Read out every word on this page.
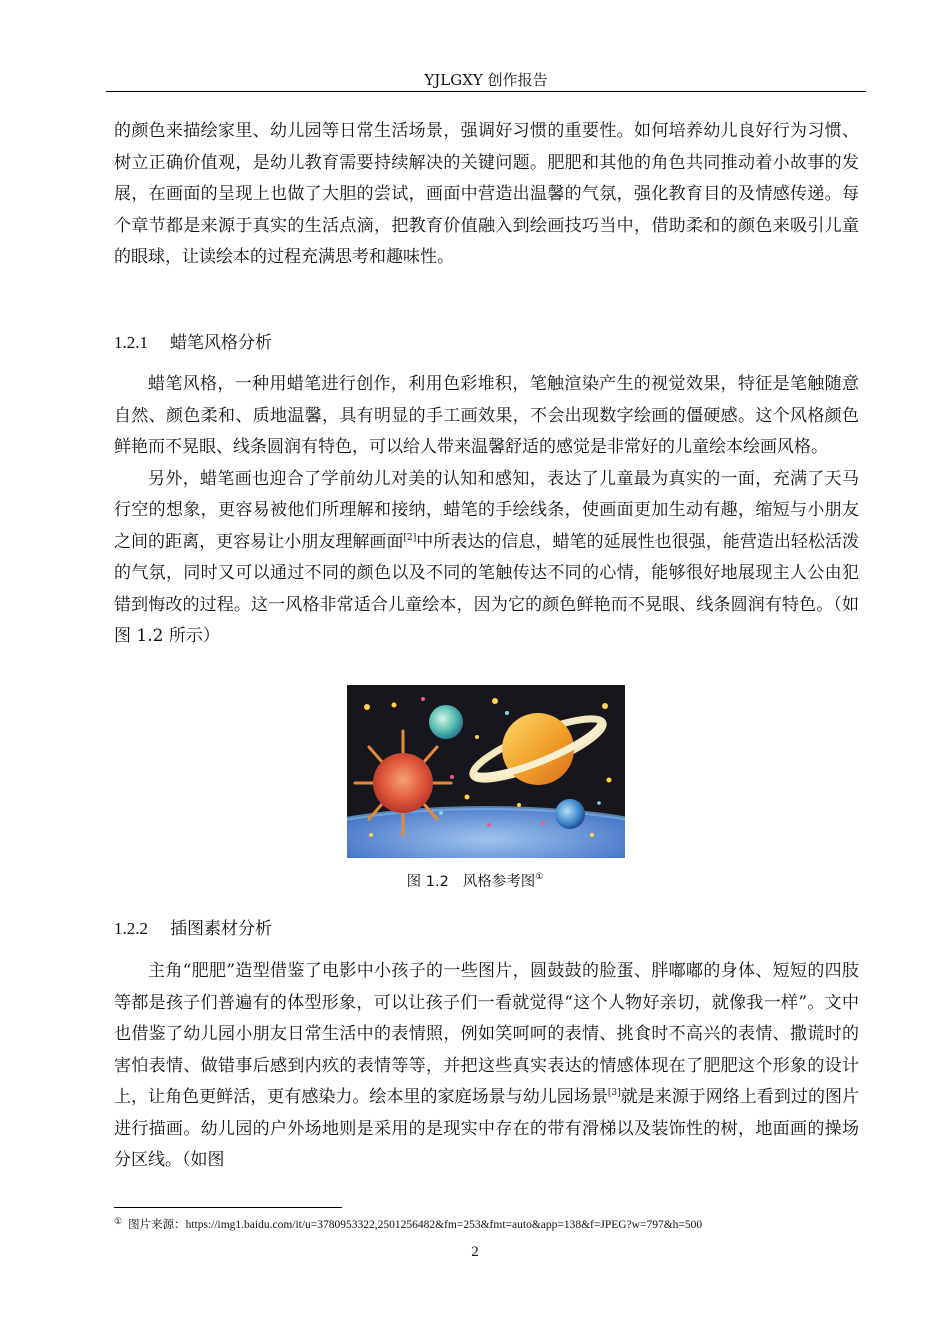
YJLGXY 创作报告

的颜色来描绘家里、幼儿园等日常生活场景，强调好习惯的重要性。如何培养幼儿良好行为习惯、树立正确价值观，是幼儿教育需要持续解决的关键问题。肥肥和其他的角色共同推动着小故事的发展，在画面的呈现上也做了大胆的尝试，画面中营造出温馨的气氛，强化教育目的及情感传递。每个章节都是来源于真实的生活点滴，把教育价值融入到绘画技巧当中，借助柔和的颜色来吸引儿童的眼球，让读绘本的过程充满思考和趣味性。

1.2.1 蜡笔风格分析

蜡笔风格，一种用蜡笔进行创作，利用色彩堆积，笔触渲染产生的视觉效果，特征是笔触随意自然、颜色柔和、质地温馨，具有明显的手工画效果，不会出现数字绘画的僵硬感。这个风格颜色鲜艳而不晃眼、线条圆润有特色，可以给人带来温馨舒适的感觉是非常好的儿童绘本绘画风格。

另外，蜡笔画也迎合了学前幼儿对美的认知和感知，表达了儿童最为真实的一面，充满了天马行空的想象，更容易被他们所理解和接纳，蜡笔的手绘线条，使画面更加生动有趣，缩短与小朋友之间的距离，更容易让小朋友理解画面[2]中所表达的信息，蜡笔的延展性也很强，能营造出轻松活泼的气氛，同时又可以通过不同的颜色以及不同的笔触传达不同的心情，能够很好地展现主人公由犯错到悔改的过程。这一风格非常适合儿童绘本，因为它的颜色鲜艳而不晃眼、线条圆润有特色。（如图 1.2 所示）

图 1.2 风格参考图①
1.2.2 插图素材分析

主角“肥肥”造型借鉴了电影中小孩子的一些图片，圆鼓鼓的脸蛋、胖嘟嘟的身体、短短的四肢等都是孩子们普遍有的体型形象，可以让孩子们一看就觉得“这个人物好亲切，就像我一样”。文中也借鉴了幼儿园小朋友日常生活中的表情照，例如笑呵呵的表情、挑食时不高兴的表情、撒谎时的害怕表情、做错事后感到内疚的表情等等，并把这些真实表达的情感体现在了肥肥这个形象的设计上，让角色更鲜活，更有感染力。绘本里的家庭场景与幼儿园场景[3]就是来源于网络上看到过的图片进行描画。幼儿园的户外场地则是采用的是现实中存在的带有滑梯以及装饰性的树，地面画的操场分区线。（如图

① 图片来源：https://img1.baidu.com/it/u=3780953322,2501256482&fm=253&fmt=auto&app=138&f=JPEG?w=797&h=500
2
